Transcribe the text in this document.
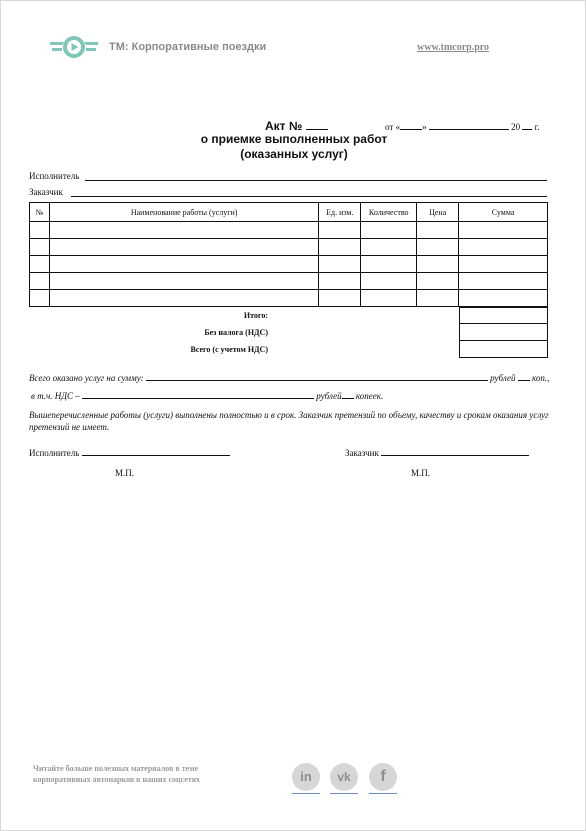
TM: Корпоративные поездки	www.tmcorp.pro
Акт №	от « »	20 г.
о приемке выполненных работ
(оказанных услуг)
Исполнитель
Заказчик
№	Наименование работы (услуги)	Ед. изм.	Количество	Цена	Сумма

Итого:
Без налога (НДС)
Всего (с учетом НДС)
Всего оказано услуг на сумму:	рублей коп.,
в т.ч. НДС –	рублей копеек.
Вышеперечисленные работы (услуги) выполнены полностью и в срок. Заказчик претензий по объему, качеству и срокам оказания услуг претензий не имеет.
Исполнитель	Заказчик
М.П.	М.П.
Читайте больше полезных материалов в теме
корпоративных автопарков в наших соцсетях	in	vk	f
